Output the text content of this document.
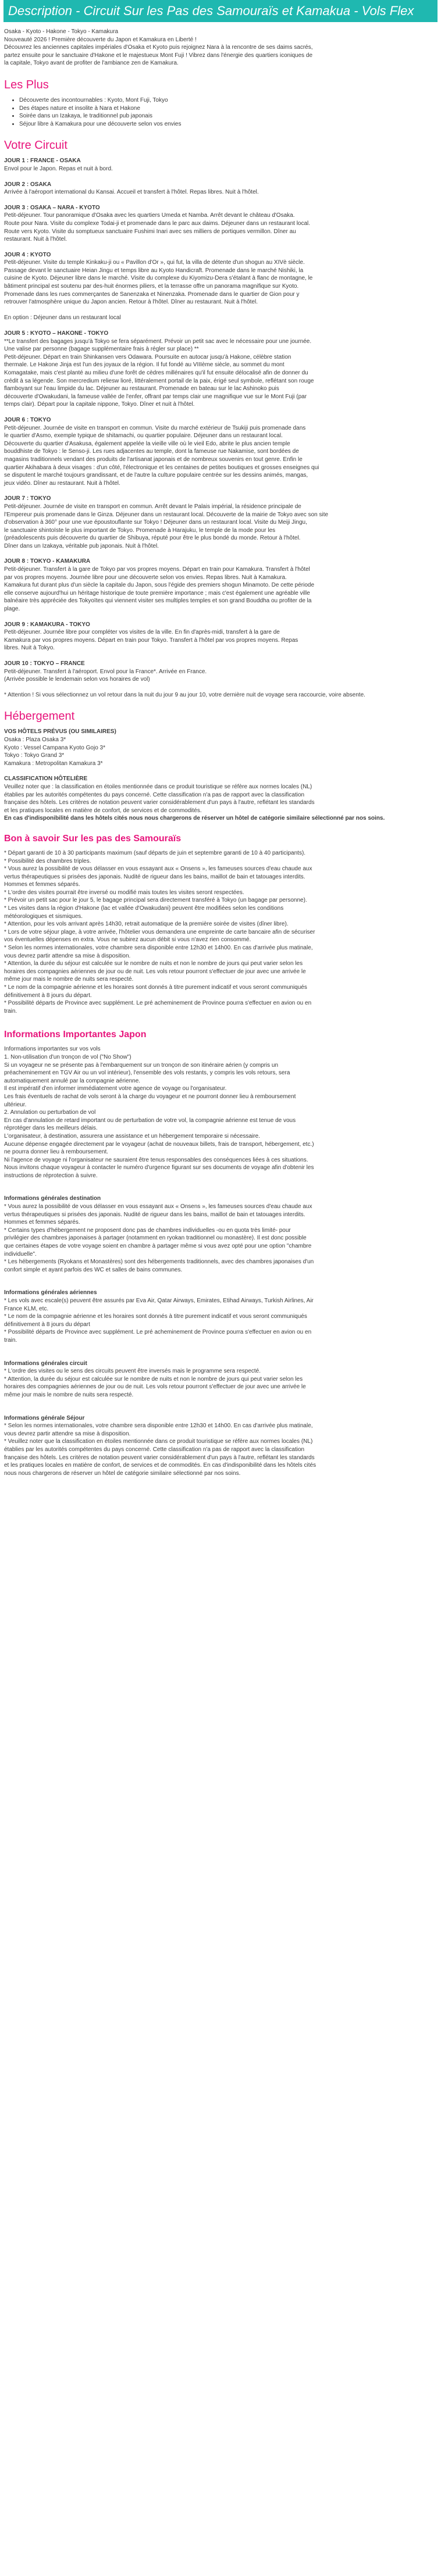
Description - Circuit Sur les Pas des Samouraïs et Kamakua - Vols Flex

Osaka - Kyoto - Hakone - Tokyo - Kamakura

Nouveauté 2026 ! Première découverte du Japon et Kamakura en Liberté !

Découvrez les anciennes capitales impériales d'Osaka et Kyoto puis rejoignez Nara à la rencontre de ses daims sacrés,

partez ensuite pour le sanctuaire d'Hakone et le majestueux Mont Fuji ! Vibrez dans l'énergie des quartiers iconiques de

la capitale, Tokyo avant de profiter de l'ambiance zen de Kamakura.

Les Plus
• Découverte des incontournables : Kyoto, Mont Fuji, Tokyo
• Des étapes nature et insolite à Nara et Hakone
• Soirée dans un Izakaya, le traditionnel pub japonais
• Séjour libre à Kamakura pour une découverte selon vos envies
Votre Circuit

JOUR 1 : FRANCE - OSAKA

Envol pour le Japon. Repas et nuit à bord.

JOUR 2 : OSAKA

Arrivée à l'aéroport international du Kansai. Accueil et transfert à l'hôtel. Repas libres. Nuit à l'hôtel.

JOUR 3 : OSAKA – NARA - KYOTO

Petit-déjeuner. Tour panoramique d'Osaka avec les quartiers Umeda et Namba. Arrêt devant le château d'Osaka.

Route pour Nara. Visite du complexe Todai-ji et promenade dans le parc aux daims. Déjeuner dans un restaurant local.

Route vers Kyoto. Visite du somptueux sanctuaire Fushimi Inari avec ses milliers de portiques vermillon. Dîner au

restaurant. Nuit à l'hôtel.

JOUR 4 : KYOTO

Petit-déjeuner. Visite du temple Kinkaku-ji ou « Pavillon d'Or », qui fut, la villa de détente d'un shogun au XIVè siècle.

Passage devant le sanctuaire Heian Jingu et temps libre au Kyoto Handicraft. Promenade dans le marché Nishiki, la

cuisine de Kyoto. Déjeuner libre dans le marché. Visite du complexe du Kiyomizu-Dera s'étalant à flanc de montagne, le

bâtiment principal est soutenu par des-huit énormes piliers, et la terrasse offre un panorama magnifique sur Kyoto.

Promenade dans les rues commerçantes de Sanenzaka et Ninenzaka. Promenade dans le quartier de Gion pour y

retrouver l'atmosphère unique du Japon ancien. Retour à l'hôtel. Dîner au restaurant. Nuit à l'hôtel.

En option : Déjeuner dans un restaurant local

JOUR 5 : KYOTO – HAKONE - TOKYO

**Le transfert des bagages jusqu'à Tokyo se fera séparément. Prévoir un petit sac avec le nécessaire pour une journée.

Une valise par personne (bagage supplémentaire frais à régler sur place) **

Petit-déjeuner. Départ en train Shinkansen vers Odawara. Poursuite en autocar jusqu'à Hakone, célèbre station

thermale. Le Hakone Jinja est l'un des joyaux de la région. Il fut fondé au VIIIème siècle, au sommet du mont

Komagatake, mais c'est planté au milieu d'une forêt de cèdres millénaires qu'il fut ensuite délocalisé afin de donner du

crédit à sa légende. Son mercredium reliesw lioré, littéralement portail de la paix, érigé seul symbole, reflétant son rouge

flamboyant sur l'eau limpide du lac. Déjeuner au restaurant. Promenade en bateau sur le lac Ashinoko puis

découverte d'Owakudani, la fameuse vallée de l'enfer, offrant par temps clair une magnifique vue sur le Mont Fuji (par

temps clair). Départ pour la capitale nippone, Tokyo. Dîner et nuit à l'hôtel.

JOUR 6 : TOKYO

Petit-déjeuner. Journée de visite en transport en commun. Visite du marché extérieur de Tsukiji puis promenade dans

le quartier d'Asmo, exemple typique de shitamachi, ou quartier populaire. Déjeuner dans un restaurant local.

Découverte du quartier d'Asakusa, également appelée la vieille ville où le vieil Edo, abrite le plus ancien temple

bouddhiste de Tokyo : le Senso-ji. Les rues adjacentes au temple, dont la fameuse rue Nakamise, sont bordées de

magasins traditionnels vendant des produits de l'artisanat japonais et de nombreux souvenirs en tout genre. Enfin le

quartier Akihabara à deux visages : d'un côté, l'électronique et les centaines de petites boutiques et grosses enseignes qui

se disputent le marché toujours grandissant, et de l'autre la culture populaire centrée sur les dessins animés, mangas,

jeux vidéo. Dîner au restaurant. Nuit à l'hôtel.

JOUR 7 : TOKYO

Petit-déjeuner. Journée de visite en transport en commun. Arrêt devant le Palais impérial, la résidence principale de

l'Empereur puis promenade dans le Ginza. Déjeuner dans un restaurant local. Découverte de la mairie de Tokyo avec son site

d'observation à 360° pour une vue époustouflante sur Tokyo ! Déjeuner dans un restaurant local. Visite du Meiji Jingu,

le sanctuaire shintoïste le plus important de Tokyo. Promenade à Harajuku, le temple de la mode pour les

(préadolescents puis découverte du quartier de Shibuya, réputé pour être le plus bondé du monde. Retour à l'hôtel.

Dîner dans un Izakaya, véritable pub japonais. Nuit à l'hôtel.

JOUR 8 : TOKYO - KAMAKURA

Petit-déjeuner. Transfert à la gare de Tokyo par vos propres moyens. Départ en train pour Kamakura. Transfert à l'hôtel

par vos propres moyens. Journée libre pour une découverte selon vos envies. Repas libres. Nuit à Kamakura.

Kamakura fut durant plus d'un siècle la capitale du Japon, sous l'égide des premiers shogun Minamoto. De cette période

elle conserve aujourd'hui un héritage historique de toute première importance ; mais c'est également une agréable ville

balnéaire très appréciée des Tokyoïtes qui viennent visiter ses multiples temples et son grand Bouddha ou profiter de la

plage.

JOUR 9 : KAMAKURA - TOKYO

Petit-déjeuner. Journée libre pour compléter vos visites de la ville. En fin d'après-midi, transfert à la gare de

Kamakura par vos propres moyens. Départ en train pour Tokyo. Transfert à l'hôtel par vos propres moyens. Repas

libres. Nuit à Tokyo.

JOUR 10 : TOKYO – FRANCE

Petit-déjeuner. Transfert à l'aéroport. Envol pour la France*. Arrivée en France.

(Arrivée possible le lendemain selon vos horaires de vol)

* Attention ! Si vous sélectionnez un vol retour dans la nuit du jour 9 au jour 10, votre dernière nuit de voyage sera raccourcie, voire absente.

Hébergement

VOS HÔTELS PRÉVUS (OU SIMILAIRES)

Osaka : Plaza Osaka 3*

Kyoto : Vessel Campana Kyoto Gojo 3*

Tokyo : Tokyo Grand 3*

Kamakura : Metropolitan Kamakura 3*

CLASSIFICATION HÔTELIÈRE

Veuillez noter que : la classification en étoiles mentionnée dans ce produit touristique se réfère aux normes locales (NL)

établies par les autorités compétentes du pays concerné. Cette classification n'a pas de rapport avec la classification

française des hôtels. Les critères de notation peuvent varier considérablement d'un pays à l'autre, reflétant les standards

et les pratiques locales en matière de confort, de services et de commodités.

En cas d'indisponibilité dans les hôtels cités nous nous chargerons de réserver un hôtel de catégorie similaire sélectionné par nos soins.

Bon à savoir Sur les pas des Samouraïs

* Départ garanti de 10 à 30 participants maximum (sauf départs de juin et septembre garanti de 10 à 40 participants).

* Possibilité des chambres triples.

* Vous aurez la possibilité de vous délasser en vous essayant aux « Onsens », les fameuses sources d'eau chaude aux

vertus thérapeutiques si prisées des japonais. Nudité de rigueur dans les bains, maillot de bain et tatouages interdits.

Hommes et femmes séparés.

* L'ordre des visites pourrait être inversé ou modifié mais toutes les visites seront respectées.

* Prévoir un petit sac pour le jour 5, le bagage principal sera directement transféré à Tokyo (un bagage par personne).

* Les visites dans la région d'Hakone (lac et vallée d'Owakudani) peuvent être modifiées selon les conditions

météorologiques et sismiques.

* Attention, pour les vols arrivant après 14h30, retrait automatique de la première soirée de visites (dîner libre).

* Lors de votre séjour plage, à votre arrivée, l'hôtelier vous demandera une empreinte de carte bancaire afin de sécuriser

vos éventuelles dépenses en extra. Vous ne subirez aucun débit si vous n'avez rien consommé.

* Selon les normes internationales, votre chambre sera disponible entre 12h30 et 14h00. En cas d'arrivée plus matinale,

vous devrez partir attendre sa mise à disposition.

* Attention, la durée du séjour est calculée sur le nombre de nuits et non le nombre de jours qui peut varier selon les

horaires des compagnies aériennes de jour ou de nuit. Les vols retour pourront s'effectuer de jour avec une arrivée le

même jour mais le nombre de nuits sera respecté.

* Le nom de la compagnie aérienne et les horaires sont donnés à titre purement indicatif et vous seront communiqués

définitivement à 8 jours du départ.

* Possibilité départs de Province avec supplément. Le pré acheminement de Province pourra s'effectuer en avion ou en

train.

Informations Importantes Japon

Informations importantes sur vos vols

1. Non-utilisation d'un tronçon de vol ("No Show")

Si un voyageur ne se présente pas à l'embarquement sur un tronçon de son itinéraire aérien (y compris un

préacheminement en TGV Air ou un vol intérieur), l'ensemble des vols restants, y compris les vols retours, sera

automatiquement annulé par la compagnie aérienne.

Il est impératif d'en informer immédiatement votre agence de voyage ou l'organisateur.

Les frais éventuels de rachat de vols seront à la charge du voyageur et ne pourront donner lieu à remboursement

ultérieur.

2. Annulation ou perturbation de vol

En cas d'annulation de retard important ou de perturbation de votre vol, la compagnie aérienne est tenue de vous

réprotéger dans les meilleurs délais.

L'organisateur, à destination, assurera une assistance et un hébergement temporaire si nécessaire.

Aucune dépense engagée directement par le voyageur (achat de nouveaux billets, frais de transport, hébergement, etc.)

ne pourra donner lieu à remboursement.

Ni l'agence de voyage ni l'organisateur ne sauraient être tenus responsables des conséquences liées à ces situations.

Nous invitons chaque voyageur à contacter le numéro d'urgence figurant sur ses documents de voyage afin d'obtenir les

instructions de réprotection à suivre.

Informations générales destination

* Vous aurez la possibilité de vous délasser en vous essayant aux « Onsens », les fameuses sources d'eau chaude aux

vertus thérapeutiques si prisées des japonais. Nudité de rigueur dans les bains, maillot de bain et tatouages interdits.

Hommes et femmes séparés.

* Certains types d'hébergement ne proposent donc pas de chambres individuelles -ou en quota très limité- pour

privilégier des chambres japonaises à partager (notamment en ryokan traditionnel ou monastère). Il est donc possible

que certaines étapes de votre voyage soient en chambre à partager même si vous avez opté pour une option "chambre

individuelle".

* Les hébergements (Ryokans et Monastères) sont des hébergements traditionnels, avec des chambres japonaises d'un

confort simple et ayant parfois des WC et salles de bains communes.

Informations générales aériennes

* Les vols avec escale(s) peuvent être assurés par Eva Air, Qatar Airways, Emirates, Etihad Airways, Turkish Airlines, Air

France KLM, etc.

* Le nom de la compagnie aérienne et les horaires sont donnés à titre purement indicatif et vous seront communiqués

définitivement à 8 jours du départ

* Possibilité départs de Province avec supplément. Le pré acheminement de Province pourra s'effectuer en avion ou en

train.

Informations générales circuit

* L'ordre des visites ou le sens des circuits peuvent être inversés mais le programme sera respecté.

* Attention, la durée du séjour est calculée sur le nombre de nuits et non le nombre de jours qui peut varier selon les

horaires des compagnies aériennes de jour ou de nuit. Les vols retour pourront s'effectuer de jour avec une arrivée le

même jour mais le nombre de nuits sera respecté.

Informations générale Séjour

* Selon les normes internationales, votre chambre sera disponible entre 12h30 et 14h00. En cas d'arrivée plus matinale,

vous devrez partir attendre sa mise à disposition.

* Veuillez noter que la classification en étoiles mentionnée dans ce produit touristique se réfère aux normes locales (NL)

établies par les autorités compétentes du pays concerné. Cette classification n'a pas de rapport avec la classification

française des hôtels. Les critères de notation peuvent varier considérablement d'un pays à l'autre, reflétant les standards

et les pratiques locales en matière de confort, de services et de commodités. En cas d'indisponibilité dans les hôtels cités

nous nous chargerons de réserver un hôtel de catégorie similaire sélectionné par nos soins.
